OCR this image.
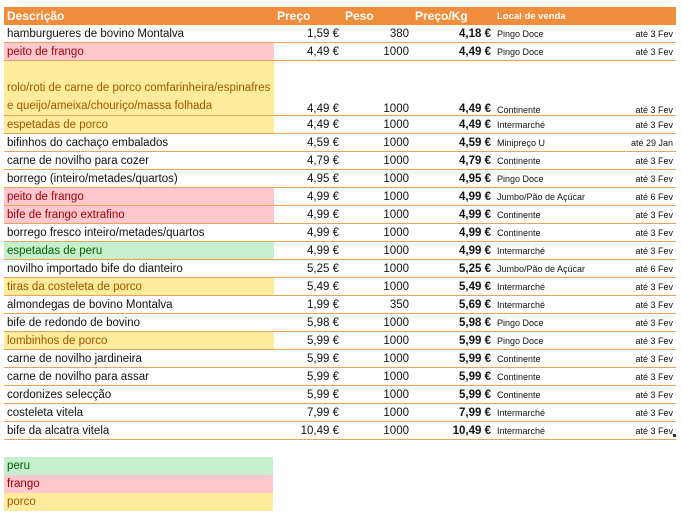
Descrição	Preço	Peso	Preço/Kg	Local de venda	
hamburgueres de bovino Montalva	1,59 €	380	4,18 €	Pingo Doce	até 3 Fev
peito de frango	4,49 €	1000	4,49 €	Pingo Doce	até 3 Fev
rolo/roti de carne de porco comfarinheira/espinafres e queijo/ameixa/chouriço/massa folhada	4,49 €	1000	4,49 €	Continente	até 3 Fev
espetadas de porco	4,49 €	1000	4,49 €	Intermarché	até 3 Fev
bifinhos do cachaço embalados	4,59 €	1000	4,59 €	Minipreço U	até 29 Jan
carne de novilho para cozer	4,79 €	1000	4,79 €	Continente	até 3 Fev
borrego (inteiro/metades/quartos)	4,95 €	1000	4,95 €	Pingo Doce	até 3 Fev
peito de frango	4,99 €	1000	4,99 €	Jumbo/Pão de Açúcar	até 6 Fev
bife de frango extrafino	4,99 €	1000	4,99 €	Continente	até 3 Fev
borrego fresco inteiro/metades/quartos	4,99 €	1000	4,99 €	Continente	até 3 Fev
espetadas de peru	4,99 €	1000	4,99 €	Intermarché	até 3 Fev
novilho importado bife do dianteiro	5,25 €	1000	5,25 €	Jumbo/Pão de Açúcar	até 6 Fev
tiras da costeleta de porco	5,49 €	1000	5,49 €	Intermarché	até 3 Fev
almondegas de bovino Montalva	1,99 €	350	5,69 €	Intermarché	até 3 Fev
bife de redondo de bovino	5,98 €	1000	5,98 €	Pingo Doce	até 3 Fev
lombinhos de porco	5,99 €	1000	5,99 €	Pingo Doce	até 3 Fev
carne de novilho jardineira	5,99 €	1000	5,99 €	Continente	até 3 Fev
carne de novilho para assar	5,99 €	1000	5,99 €	Continente	até 3 Fev
cordonizes selecção	5,99 €	1000	5,99 €	Continente	até 3 Fev
costeleta vitela	7,99 €	1000	7,99 €	Intermarché	até 3 Fev
bife da alcatra vitela	10,49 €	1000	10,49 €	Intermarché	até 3 Fev
peru
frango
porco
